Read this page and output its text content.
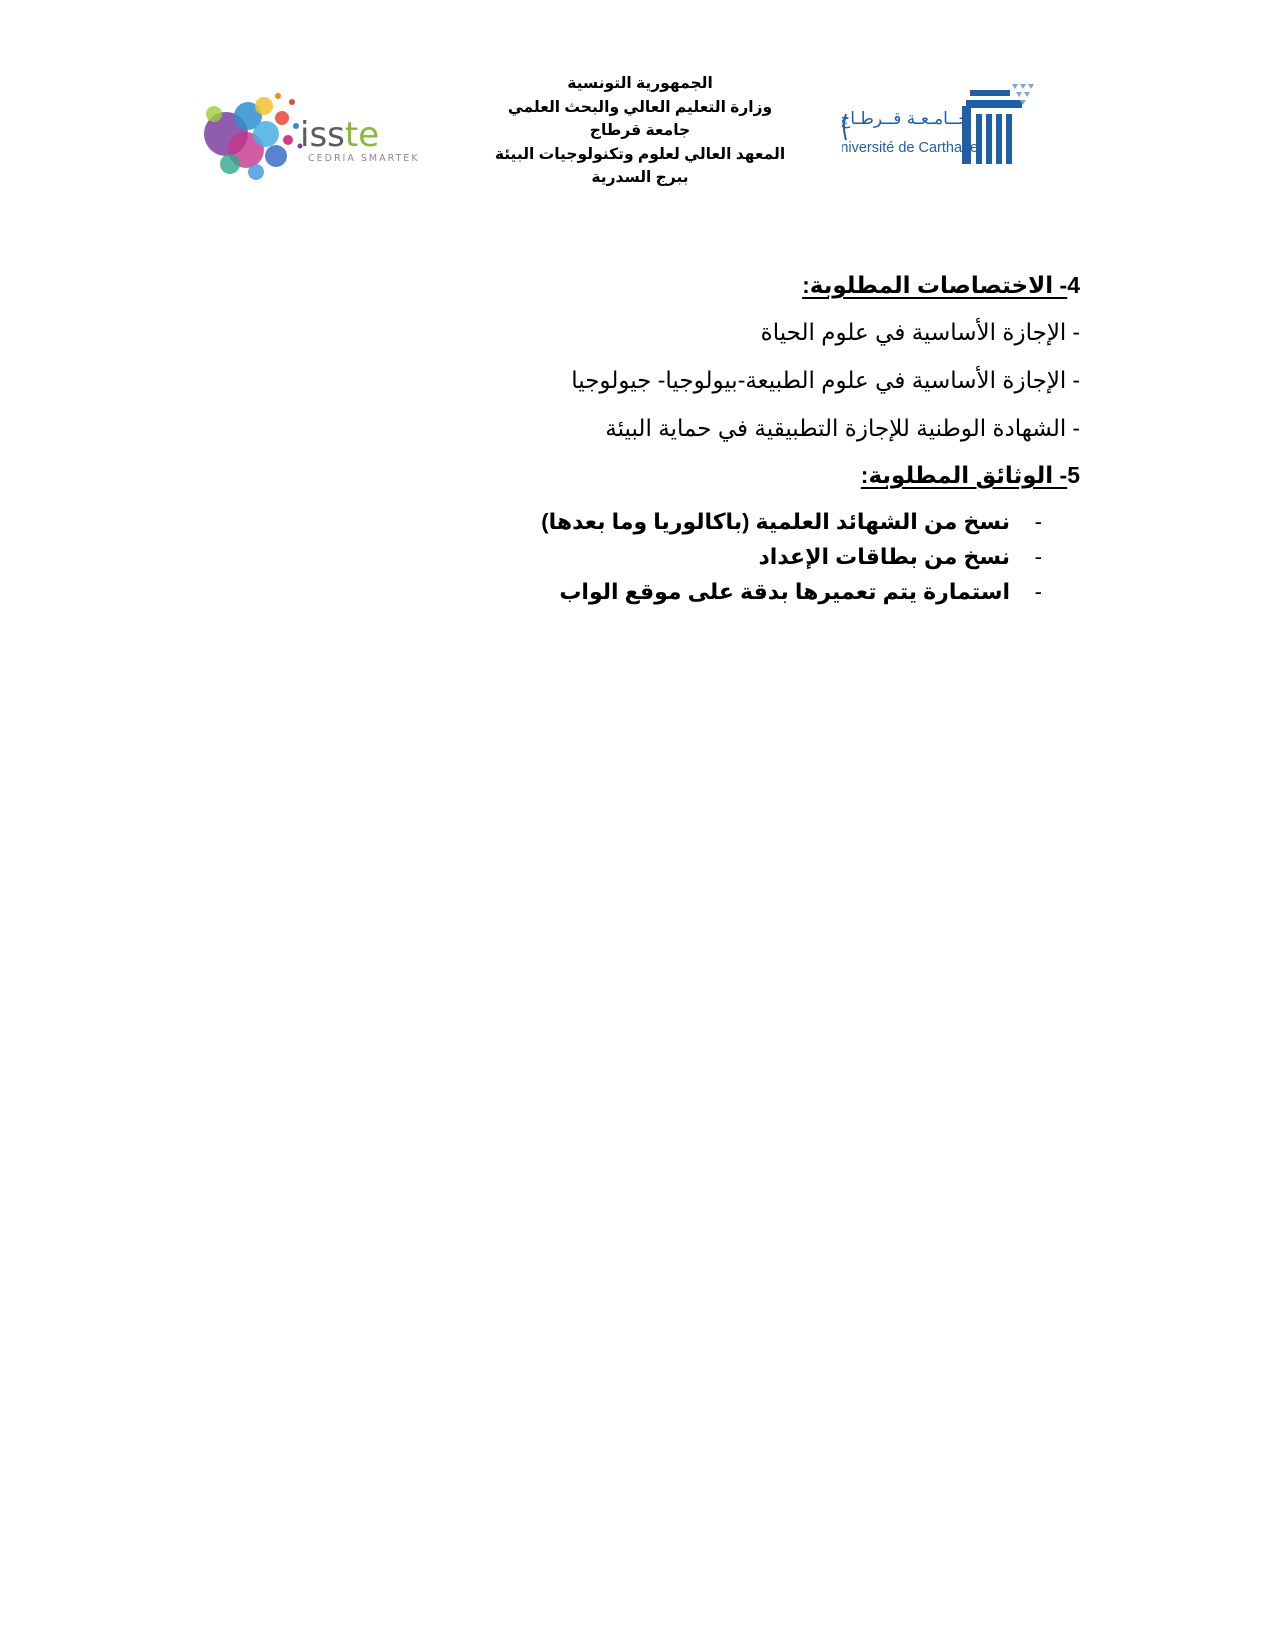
isste
CEDRIA SMARTEK
الجمهورية التونسية
وزارة التعليم العالي والبحث العلمي
جامعة قرطاج
المعهد العالي لعلوم وتكنولوجيات البيئة
ببرج السدرية
جــامـعـة قــرطـاج
Université de Carthage
4- الاختصاصات المطلوبة:
-الإجازة الأساسية في علوم الحياة
-الإجازة الأساسية في علوم الطبيعة-بيولوجيا- جيولوجيا
-الشهادة الوطنية للإجازة التطبيقية في حماية البيئة
5- الوثائق المطلوبة:
-
نسخ من الشهائد العلمية (باكالوريا وما بعدها)
-
نسخ من بطاقات الإعداد
-
استمارة يتم تعميرها بدقة على موقع الواب
